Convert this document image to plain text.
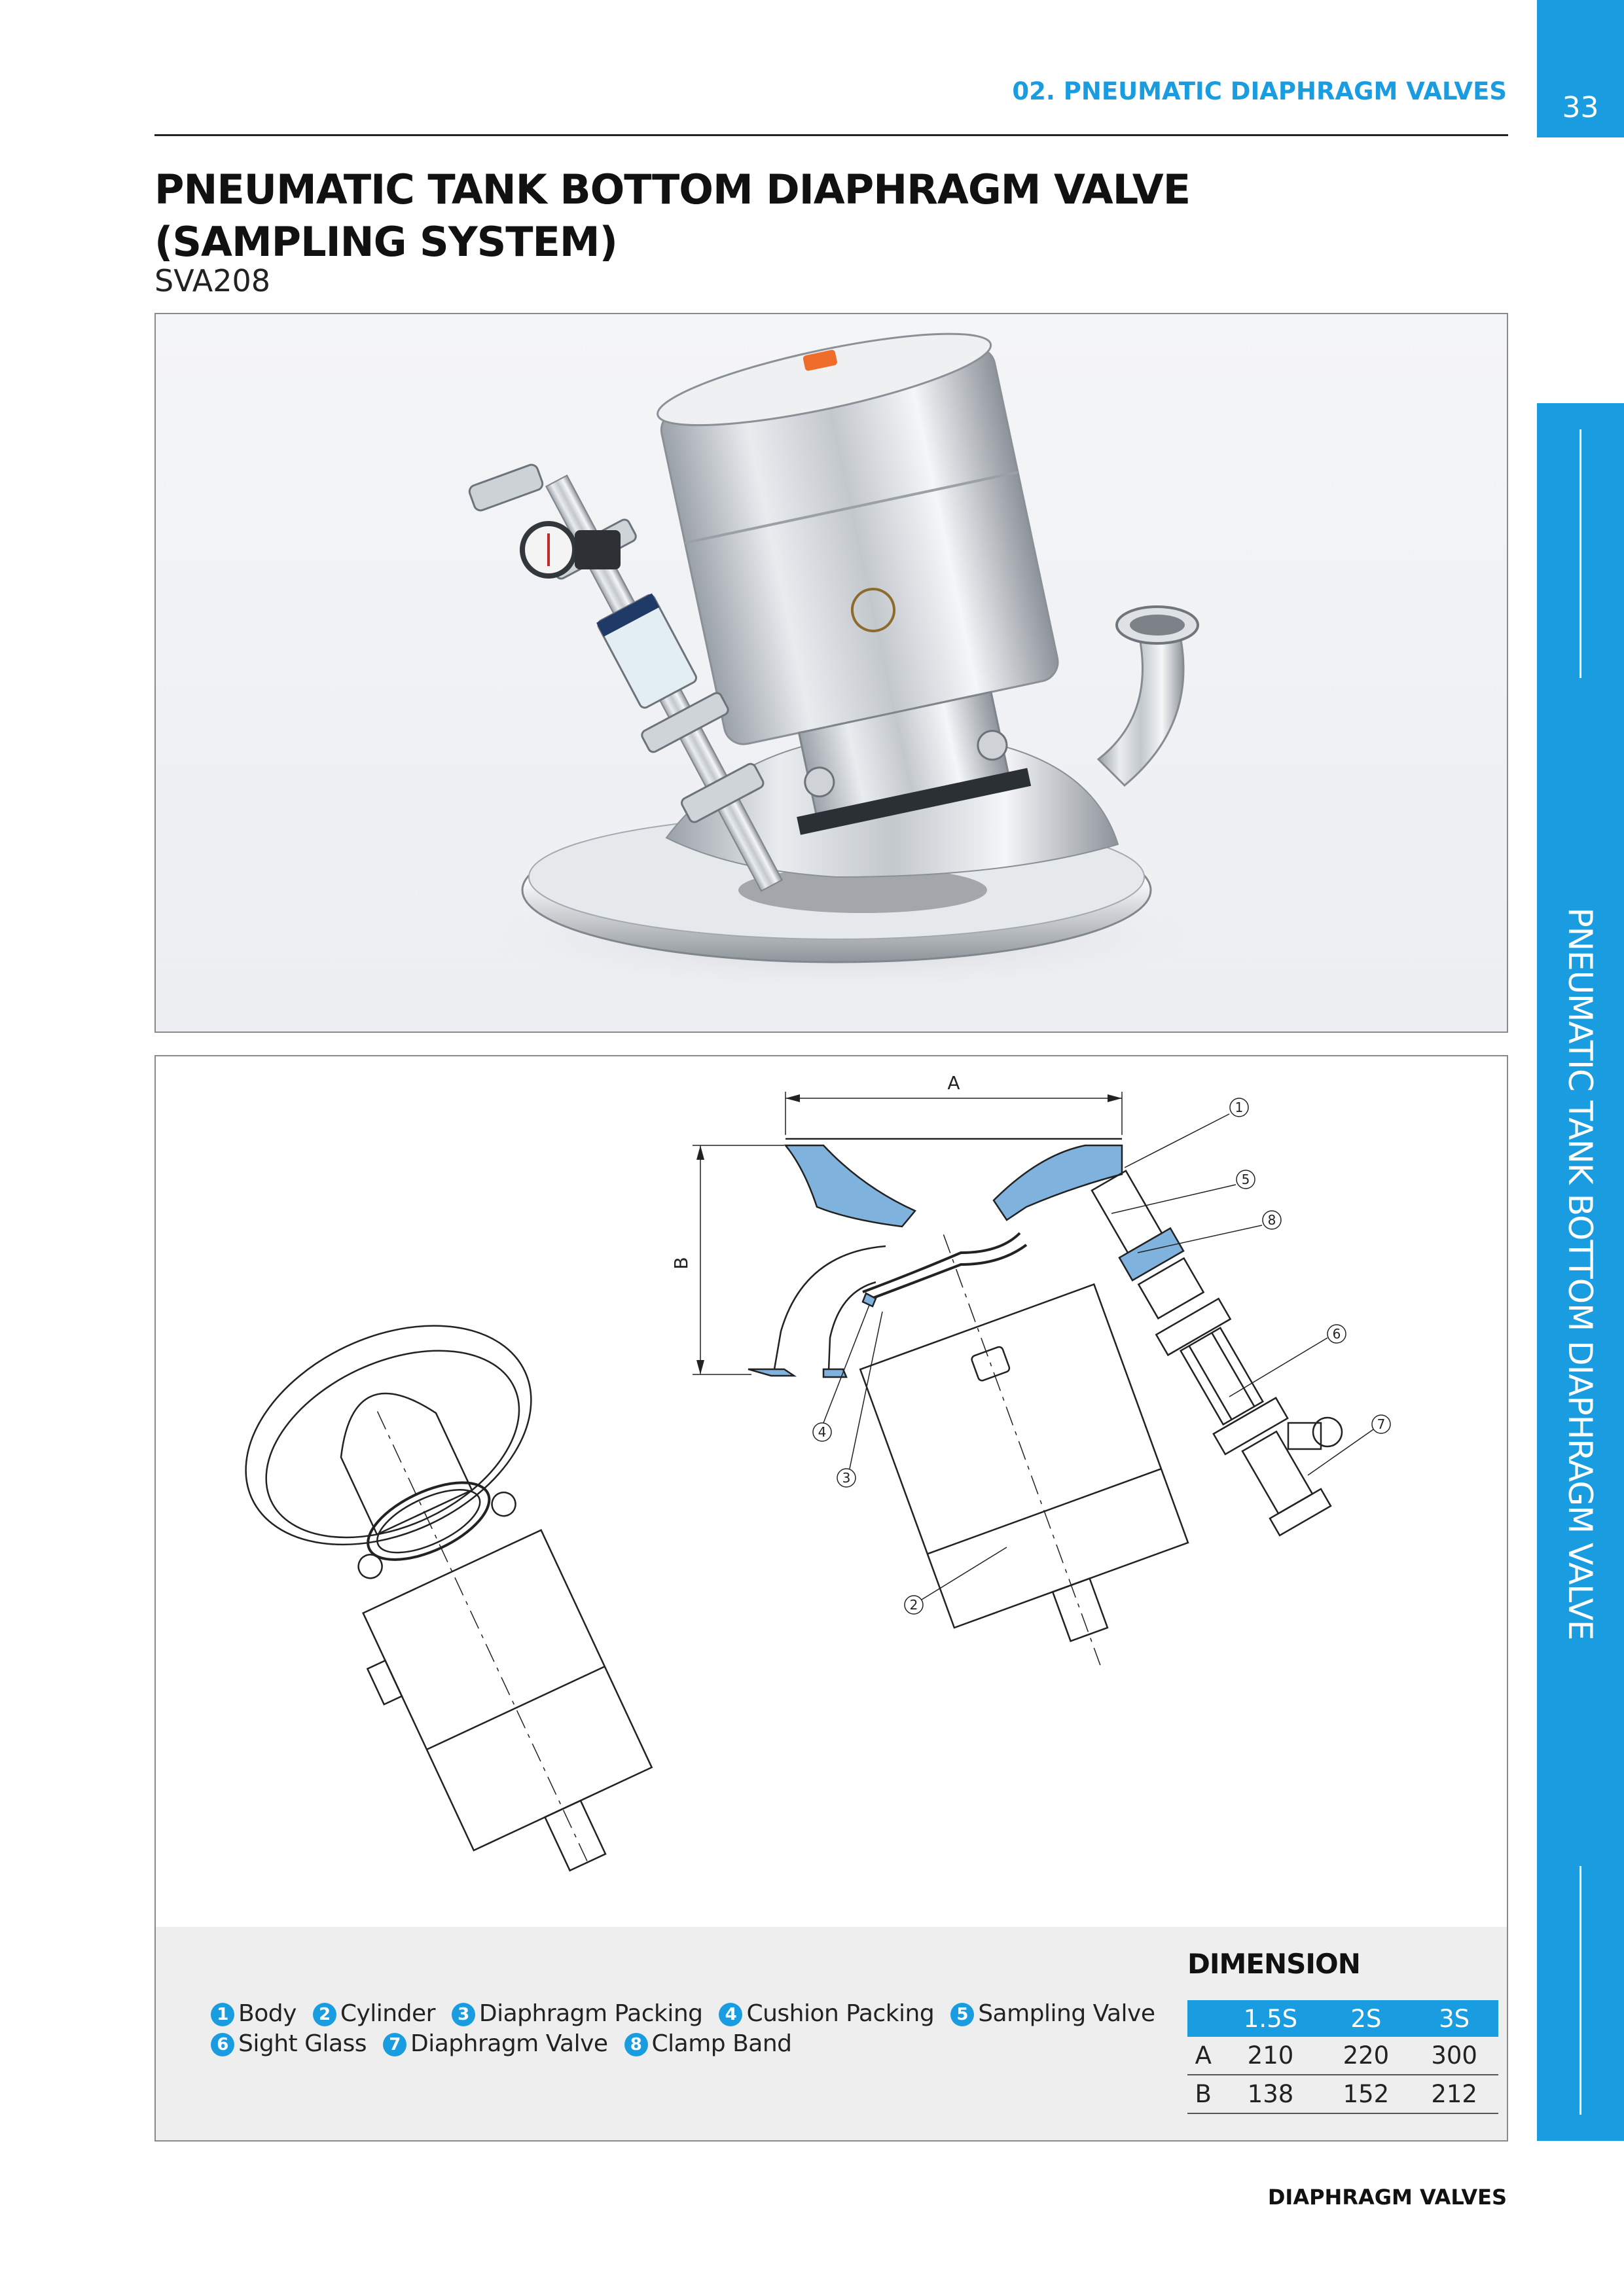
02. PNEUMATIC DIAPHRAGM VALVES 33
PNEUMATIC TANK BOTTOM DIAPHRAGM VALVE
PNEUMATIC TANK BOTTOM DIAPHRAGM VALVE
(SAMPLING SYSTEM)
SVA208
A
B
1
5
8
6
7
4
3
2
1 Body 2 Cylinder 3 Diaphragm Packing 4 Cushion Packing 5 Sampling Valve
6 Sight Glass 7 Diaphragm Valve 8 Clamp Band
DIMENSION
	1.5S	2S	3S
A	210	220	300
B	138	152	212
DIAPHRAGM VALVES
